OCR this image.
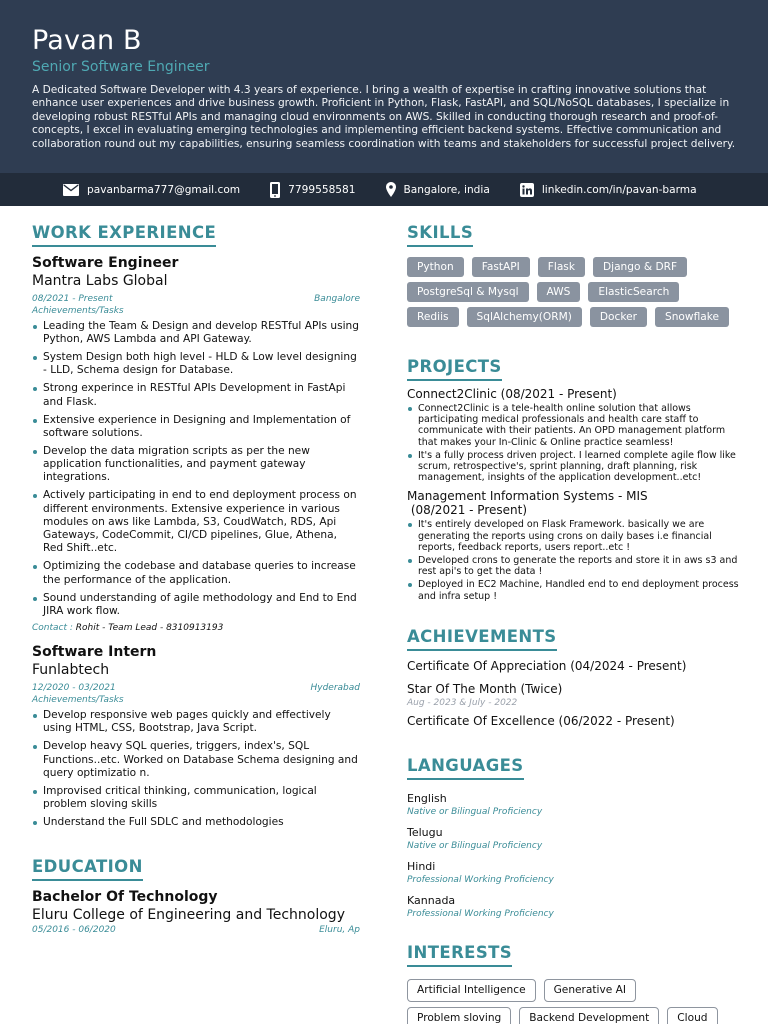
Pavan B
Senior Software Engineer
A Dedicated Software Developer with 4.3 years of experience. I bring a wealth of expertise in crafting innovative solutions that enhance user experiences and drive business growth. Proficient in Python, Flask, FastAPI, and SQL/NoSQL databases, I specialize in developing robust RESTful APIs and managing cloud environments on AWS. Skilled in conducting thorough research and proof-of-concepts, I excel in evaluating emerging technologies and implementing efficient backend systems. Effective communication and collaboration round out my capabilities, ensuring seamless coordination with teams and stakeholders for successful project delivery.
pavanbarma777@gmail.com	7799558581	Bangalore, india	linkedin.com/in/pavan-barma
WORK EXPERIENCE
Software Engineer
Mantra Labs Global
08/2021 - Present	Bangalore
Achievements/Tasks
Leading the Team & Design and develop RESTful APIs using Python, AWS Lambda and API Gateway.
System Design both high level - HLD & Low level designing - LLD, Schema design for Database.
Strong experince in RESTful APIs Development in FastApi and Flask.
Extensive experience in Designing and Implementation of software solutions.
Develop the data migration scripts as per the new application functionalities, and payment gateway integrations.
Actively participating in end to end deployment process on different environments. Extensive experience in various modules on aws like Lambda, S3, CoudWatch, RDS, Api Gateways, CodeCommit, CI/CD pipelines, Glue, Athena, Red Shift..etc.
Optimizing the codebase and database queries to increase the performance of the application.
Sound understanding of agile methodology and End to End JIRA work flow.
Contact : Rohit - Team Lead - 8310913193
Software Intern
Funlabtech
12/2020 - 03/2021	Hyderabad
Achievements/Tasks
Develop responsive web pages quickly and effectively using HTML, CSS, Bootstrap, Java Script.
Develop heavy SQL queries, triggers, index's, SQL Functions..etc. Worked on Database Schema designing and query optimizatio n.
Improvised critical thinking, communication, logical problem sloving skills
Understand the Full SDLC and methodologies
EDUCATION
Bachelor Of Technology
Eluru College of Engineering and Technology
05/2016 - 06/2020	Eluru, Ap
SKILLS
Python	FastAPI	Flask	Django & DRF
PostgreSql & Mysql	AWS	ElasticSearch
Rediis	SqlAlchemy(ORM)	Docker	Snowflake
PROJECTS
Connect2Clinic (08/2021 - Present)
Connect2Clinic is a tele-health online solution that allows participating medical professionals and health care staff to communicate with their patients. An OPD management platform that makes your In-Clinic & Online practice seamless!
It's a fully process driven project. I learned complete agile flow like scrum, retrospective's, sprint planning, draft planning, risk management, insights of the application development..etc!
Management Information Systems - MIS
(08/2021 - Present)
It's entirely developed on Flask Framework. basically we are generating the reports using crons on daily bases i.e financial reports, feedback reports, users report..etc !
Developed crons to generate the reports and store it in aws s3 and rest api's to get the data !
Deployed in EC2 Machine, Handled end to end deployment process and infra setup !
ACHIEVEMENTS
Certificate Of Appreciation (04/2024 - Present)
Star Of The Month (Twice)
Aug - 2023 & July - 2022
Certificate Of Excellence (06/2022 - Present)
LANGUAGES
English
Native or Bilingual Proficiency
Telugu
Native or Bilingual Proficiency
Hindi
Professional Working Proficiency
Kannada
Professional Working Proficiency
INTERESTS
Artificial Intelligence	Generative AI
Problem sloving	Backend Development	Cloud
